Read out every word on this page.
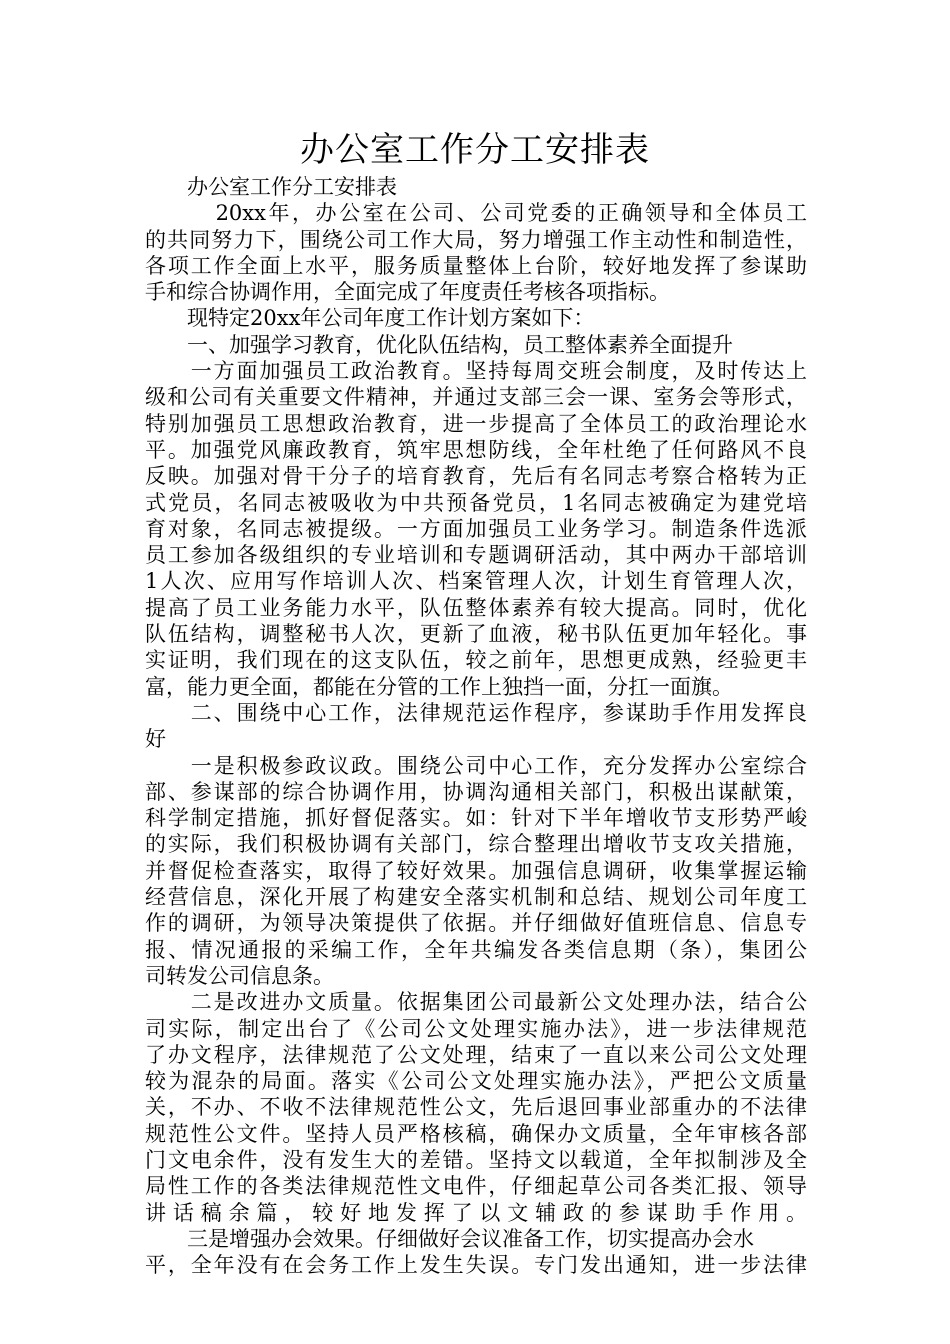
办公室工作分工安排表
　　办公室工作分工安排表
　　　20xx年，办公室在公司、公司党委的正确领导和全体员工
的共同努力下，围绕公司工作大局，努力增强工作主动性和制造性，
各项工作全面上水平，服务质量整体上台阶，较好地发挥了参谋助
手和综合协调作用，全面完成了年度责任考核各项指标。
　　现特定20xx年公司年度工作计划方案如下：
　　一、加强学习教育，优化队伍结构，员工整体素养全面提升
　　一方面加强员工政治教育。坚持每周交班会制度，及时传达上
级和公司有关重要文件精神，并通过支部三会一课、室务会等形式，
特别加强员工思想政治教育，进一步提高了全体员工的政治理论水
平。加强党风廉政教育，筑牢思想防线，全年杜绝了任何路风不良
反映。加强对骨干分子的培育教育，先后有名同志考察合格转为正
式党员，名同志被吸收为中共预备党员，1名同志被确定为建党培
育对象，名同志被提级。一方面加强员工业务学习。制造条件选派
员工参加各级组织的专业培训和专题调研活动，其中两办干部培训
1人次、应用写作培训人次、档案管理人次，计划生育管理人次，
提高了员工业务能力水平，队伍整体素养有较大提高。同时，优化
队伍结构，调整秘书人次，更新了血液，秘书队伍更加年轻化。事
实证明，我们现在的这支队伍，较之前年，思想更成熟，经验更丰
富，能力更全面，都能在分管的工作上独挡一面，分扛一面旗。
　　二、围绕中心工作，法律规范运作程序，参谋助手作用发挥良
好
　　一是积极参政议政。围绕公司中心工作，充分发挥办公室综合
部、参谋部的综合协调作用，协调沟通相关部门，积极出谋献策，
科学制定措施，抓好督促落实。如：针对下半年增收节支形势严峻
的实际，我们积极协调有关部门，综合整理出增收节支攻关措施，
并督促检查落实，取得了较好效果。加强信息调研，收集掌握运输
经营信息，深化开展了构建安全落实机制和总结、规划公司年度工
作的调研，为领导决策提供了依据。并仔细做好值班信息、信息专
报、情况通报的采编工作，全年共编发各类信息期（条），集团公
司转发公司信息条。
　　二是改进办文质量。依据集团公司最新公文处理办法，结合公
司实际，制定出台了《公司公文处理实施办法》，进一步法律规范
了办文程序，法律规范了公文处理，结束了一直以来公司公文处理
较为混杂的局面。落实《公司公文处理实施办法》，严把公文质量
关，不办、不收不法律规范性公文，先后退回事业部重办的不法律
规范性公文件。坚持人员严格核稿，确保办文质量，全年审核各部
门文电余件，没有发生大的差错。坚持文以载道，全年拟制涉及全
局性工作的各类法律规范性文电件，仔细起草公司各类汇报、领导
讲话稿余篇，较好地发挥了以文辅政的参谋助手作用。
　　三是增强办会效果。仔细做好会议准备工作，切实提高办会水
平，全年没有在会务工作上发生失误。专门发出通知，进一步法律
